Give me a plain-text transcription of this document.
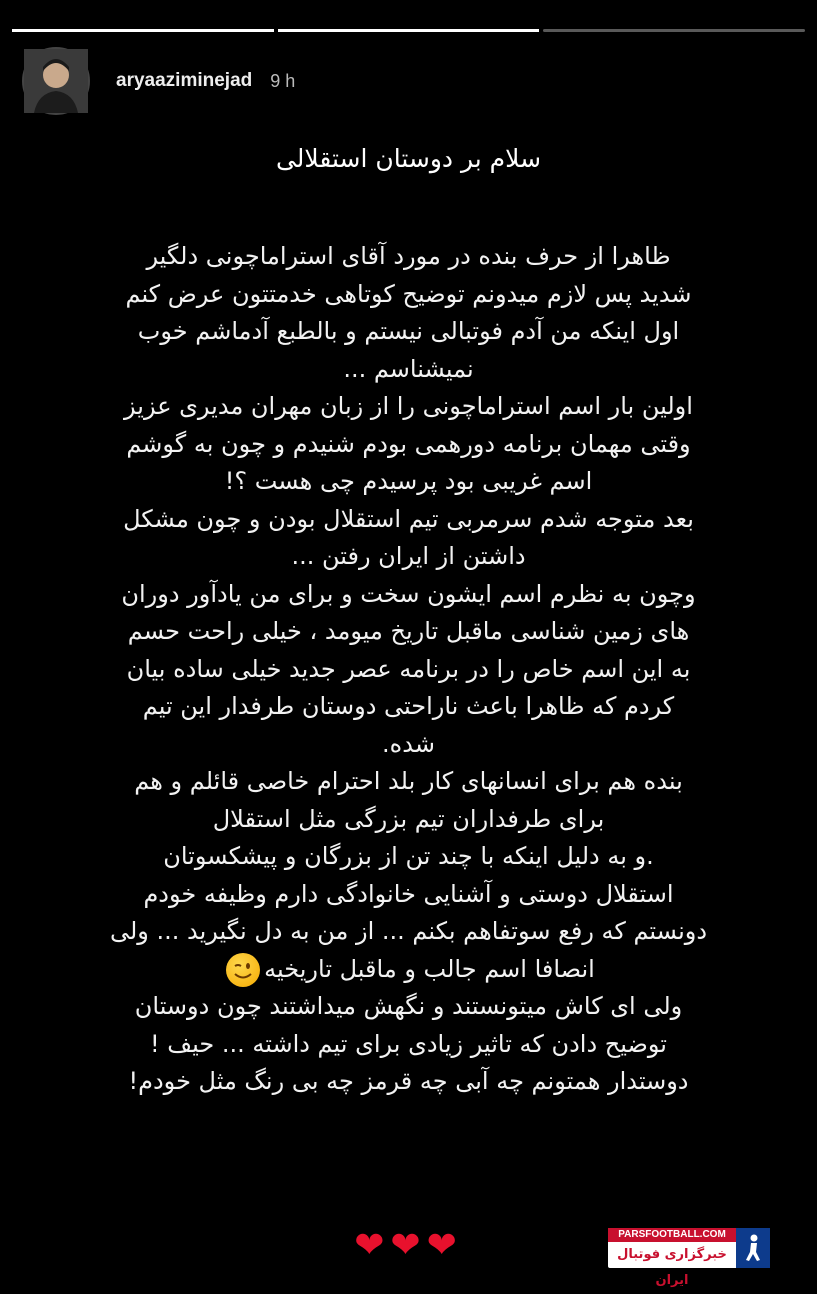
aryaazimineјad 9 h
سلام بر دوستان استقلالی
ظاهرا از حرف بنده در مورد آقای استراماچونی دلگیر
شدید پس لازم میدونم توضیح کوتاهی خدمتتون عرض کنم
اول اینکه من آدم فوتبالی نیستم و بالطبع آدماشم خوب
نمیشناسم ...
اولین بار اسم استراماچونی را از زبان مهران مدیری عزیز
وقتی مهمان برنامه دورهمی بودم شنیدم و چون به گوشم
اسم غریبی بود پرسیدم چی هست ؟!
بعد متوجه شدم سرمربی تیم استقلال بودن و چون مشکل
داشتن از ایران رفتن ...
وچون به نظرم اسم ایشون سخت و برای من یادآور دوران
های زمین شناسی ماقبل تاریخ میومد ، خیلی راحت حسم
به این اسم خاص را در برنامه عصر جدید خیلی ساده بیان
کردم که ظاهرا باعث ناراحتی دوستان طرفدار این تیم
شده.
بنده هم برای انسانهای کار بلد احترام خاصی قائلم و هم
برای طرفداران تیم بزرگی مثل استقلال
.و به دلیل اینکه با چند تن از بزرگان و پیشکسوتان
استقلال دوستی و آشنایی خانوادگی دارم وظیفه خودم
دونستم که رفع سوتفاهم بکنم ... از من به دل نگیرید ... ولی
انصافا اسم جالب و ماقبل تاریخیه
ولی ای کاش میتونستند و نگهش میداشتند چون دوستان
توضیح دادن که تاثیر زیادی برای تیم داشته ... حیف !
دوستدار همتونم چه آبی چه قرمز چه بی رنگ مثل خودم!
❤❤❤	PARSFOOTBALL.COM
خبرگزاری فوتبال ایران
